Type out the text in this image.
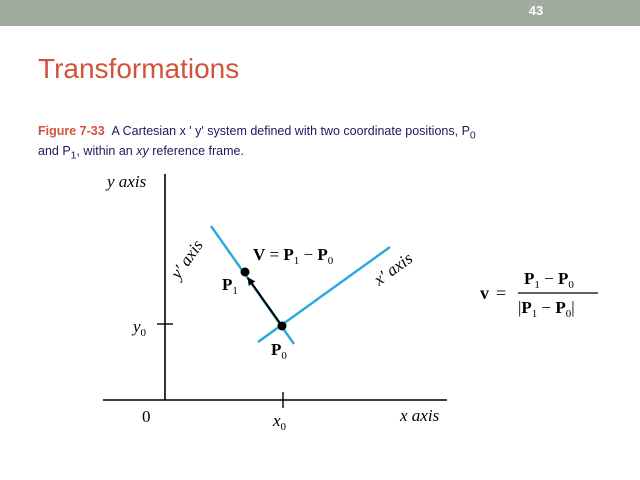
43
Transformations
Figure 7-33 A Cartesian x ' y' system defined with two coordinate positions, $P_0$ and $P_1$, within an xy reference frame.
y axis
x axis
0
$y_0$
$x_0$
$P_1$
$P_0$
$V = P_1 - P_0$
y′ axis	x′ axis
v =
$P_1 - P_0$
$|P_1 - P_0|$
